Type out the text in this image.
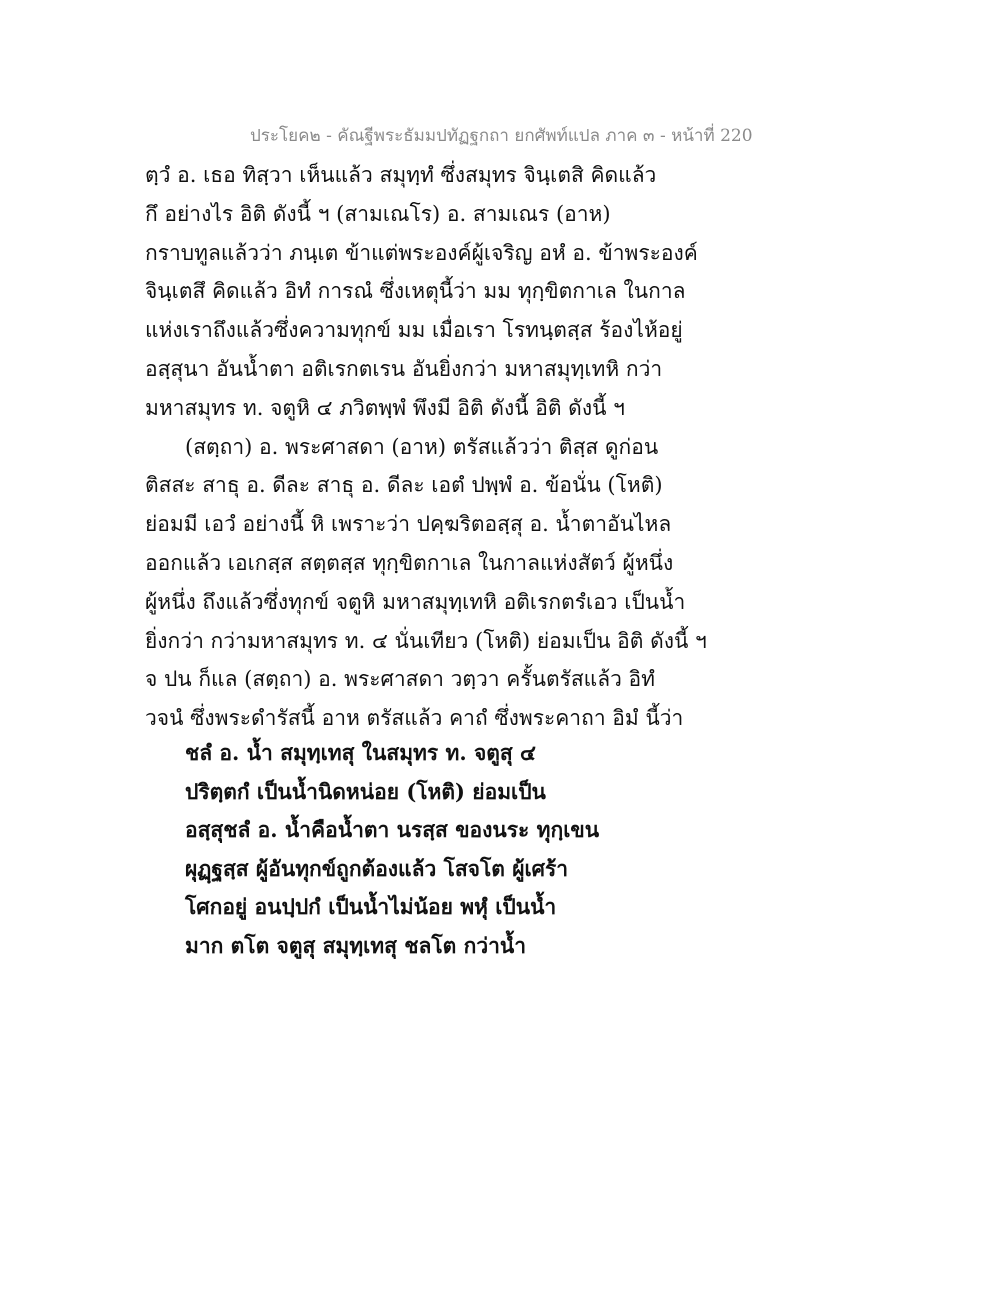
ประโยค๒ - คัณฐีพระธัมมปทัฏฐกถา ยกศัพท์แปล ภาค ๓ - หน้าที่ 220
ตฺวํ อ. เธอ ทิสฺวา เห็นแล้ว สมุทฺทํ ซึ่งสมุทร จินฺเตสิ คิดแล้ว
กึ อย่างไร อิติ ดังนี้ ฯ (สามเณโร) อ. สามเณร (อาห)
กราบทูลแล้วว่า ภนฺเต ข้าแต่พระองค์ผู้เจริญ อหํ อ. ข้าพระองค์
จินฺเตสึ คิดแล้ว อิทํ การณํ ซึ่งเหตุนี้ว่า มม ทุกฺขิตกาเล ในกาล
แห่งเราถึงแล้วซึ่งความทุกข์ มม เมื่อเรา โรทนฺตสฺส ร้องไห้อยู่
อสฺสุนา อันน้ำตา อติเรกตเรน อันยิ่งกว่า มหาสมุทฺเทหิ กว่า
มหาสมุทร ท. จตูหิ ๔ ภวิตพฺพํ พึงมี อิติ ดังนี้ อิติ ดังนี้ ฯ
(สตฺถา) อ. พระศาสดา (อาห) ตรัสแล้วว่า ติสฺส ดูก่อน
ติสสะ สาธุ อ. ดีละ สาธุ อ. ดีละ เอตํ ปพฺพํ อ. ข้อนั่น (โหติ)
ย่อมมี เอวํ อย่างนี้ หิ เพราะว่า ปคฺฆริตอสฺสุ อ. น้ำตาอันไหล
ออกแล้ว เอเกสฺส สตฺตสฺส ทุกฺขิตกาเล ในกาลแห่งสัตว์ ผู้หนึ่ง
ผู้หนึ่ง ถึงแล้วซึ่งทุกข์ จตูหิ มหาสมุทฺเทหิ อติเรกตรํเอว เป็นน้ำ
ยิ่งกว่า กว่ามหาสมุทร ท. ๔ นั่นเทียว (โหติ) ย่อมเป็น อิติ ดังนี้ ฯ
จ ปน ก็แล (สตฺถา) อ. พระศาสดา วตฺวา ครั้นตรัสแล้ว อิทํ
วจนํ ซึ่งพระดำรัสนี้ อาห ตรัสแล้ว คาถํ ซึ่งพระคาถา อิมํ นี้ว่า
ชลํ อ. น้ำ สมุทฺเทสุ ในสมุทร ท. จตูสุ ๔
ปริตฺตกํ เป็นน้ำนิดหน่อย (โหติ) ย่อมเป็น
อสฺสุชลํ อ. น้ำคือน้ำตา นรสฺส ของนระ ทุกฺเขน
ผุฏฺฐสฺส ผู้อันทุกข์ถูกต้องแล้ว โสจโต ผู้เศร้า
โศกอยู่ อนปฺปกํ เป็นน้ำไม่น้อย พหุํ เป็นน้ำ
มาก ตโต จตูสุ สมุทฺเทสุ ชลโต กว่าน้ำ
